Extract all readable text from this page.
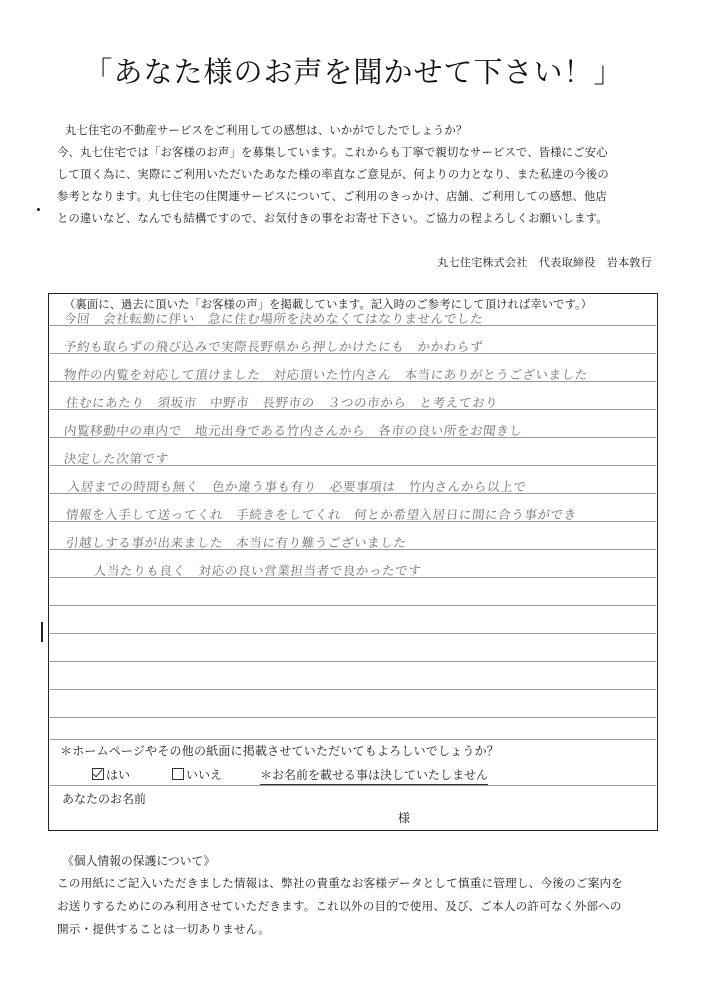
「あなた様のお声を聞かせて下さい！」
丸七住宅の不動産サービスをご利用しての感想は、いかがでしたでしょうか？
今、丸七住宅では「お客様のお声」を募集しています。これからも丁寧で親切なサービスで、皆様にご安心
して頂く為に、実際にご利用いただいたあなた様の率直なご意見が、何よりの力となり、また私達の今後の
参考となります。丸七住宅の住関連サービスについて、ご利用のきっかけ、店舗、ご利用しての感想、他店
との違いなど、なんでも結構ですので、お気付きの事をお寄せ下さい。ご協力の程よろしくお願いします。
丸七住宅株式会社　代表取締役　岩本敦行
（裏面に、過去に頂いた「お客様の声」を掲載しています。記入時のご参考にして頂ければ幸いです。）
今回　会社転勤に伴い　急に住む場所を決めなくてはなりませんでした
予約も取らずの飛び込みで実際長野県から押しかけたにも　かかわらず
物件の内覧を対応して頂けました　対応頂いた竹内さん　本当にありがとうございました
住むにあたり　須坂市　中野市　長野市の　３つの市から　と考えており
内覧移動中の車内で　地元出身である竹内さんから　各市の良い所をお聞きし
決定した次第です
入居までの時間も無く　色か違う事も有り　必要事項は　竹内さんから以上で
情報を入手して送ってくれ　手続きをしてくれ　何とか希望入居日に間に合う事ができ
引越しする事が出来ました　本当に有り難うございました
人当たりも良く　対応の良い営業担当者で良かったです
＊ホームページやその他の紙面に掲載させていただいてもよろしいでしょうか？
はい	いいえ	＊お名前を載せる事は決していたしません
あなたのお名前
様
《個人情報の保護について》
この用紙にご記入いただきました情報は、弊社の貴重なお客様データとして慎重に管理し、今後のご案内を
お送りするためにのみ利用させていただきます。これ以外の目的で使用、及び、ご本人の許可なく外部への
開示・提供することは一切ありません。
